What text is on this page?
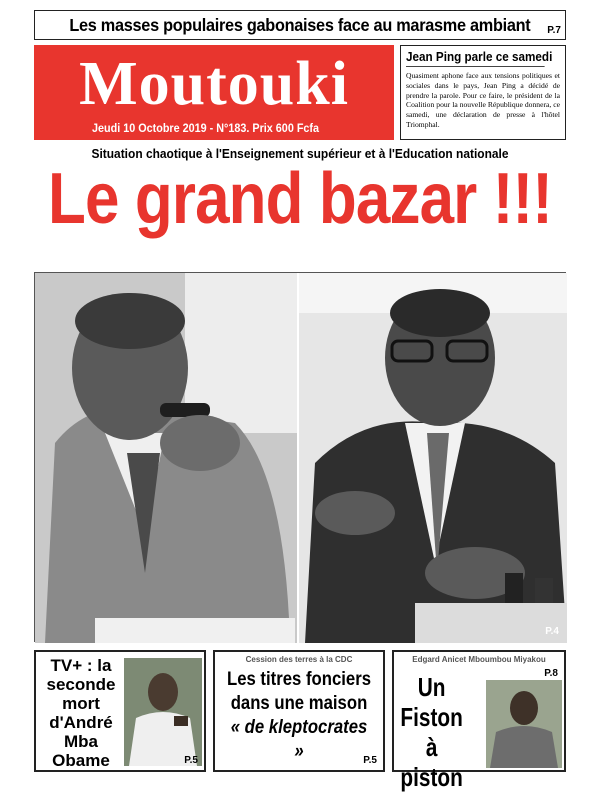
Les masses populaires gabonaises face au marasme ambiant P.7
Moutouki
Jeudi 10 Octobre 2019 - N°183. Prix 600 Fcfa
Jean Ping parle ce samedi
Quasiment aphone face aux tensions politiques et sociales dans le pays, Jean Ping a décidé de prendre la parole. Pour ce faire, le président de la Coalition pour la nouvelle République donnera, ce samedi, une déclaration de presse à l'hôtel Triomphal.
Situation chaotique à l'Enseignement supérieur et à l'Education nationale
Le grand bazar !!!
P.4
TV+ : la
seconde
mort
d'André
Mba
Obame	P.5
Cession des terres à la CDC
Les titres fonciers
dans une maison
« de kleptocrates »	P.5
Edgard Anicet Mboumbou Miyakou
Un Fiston
à piston
P.8
